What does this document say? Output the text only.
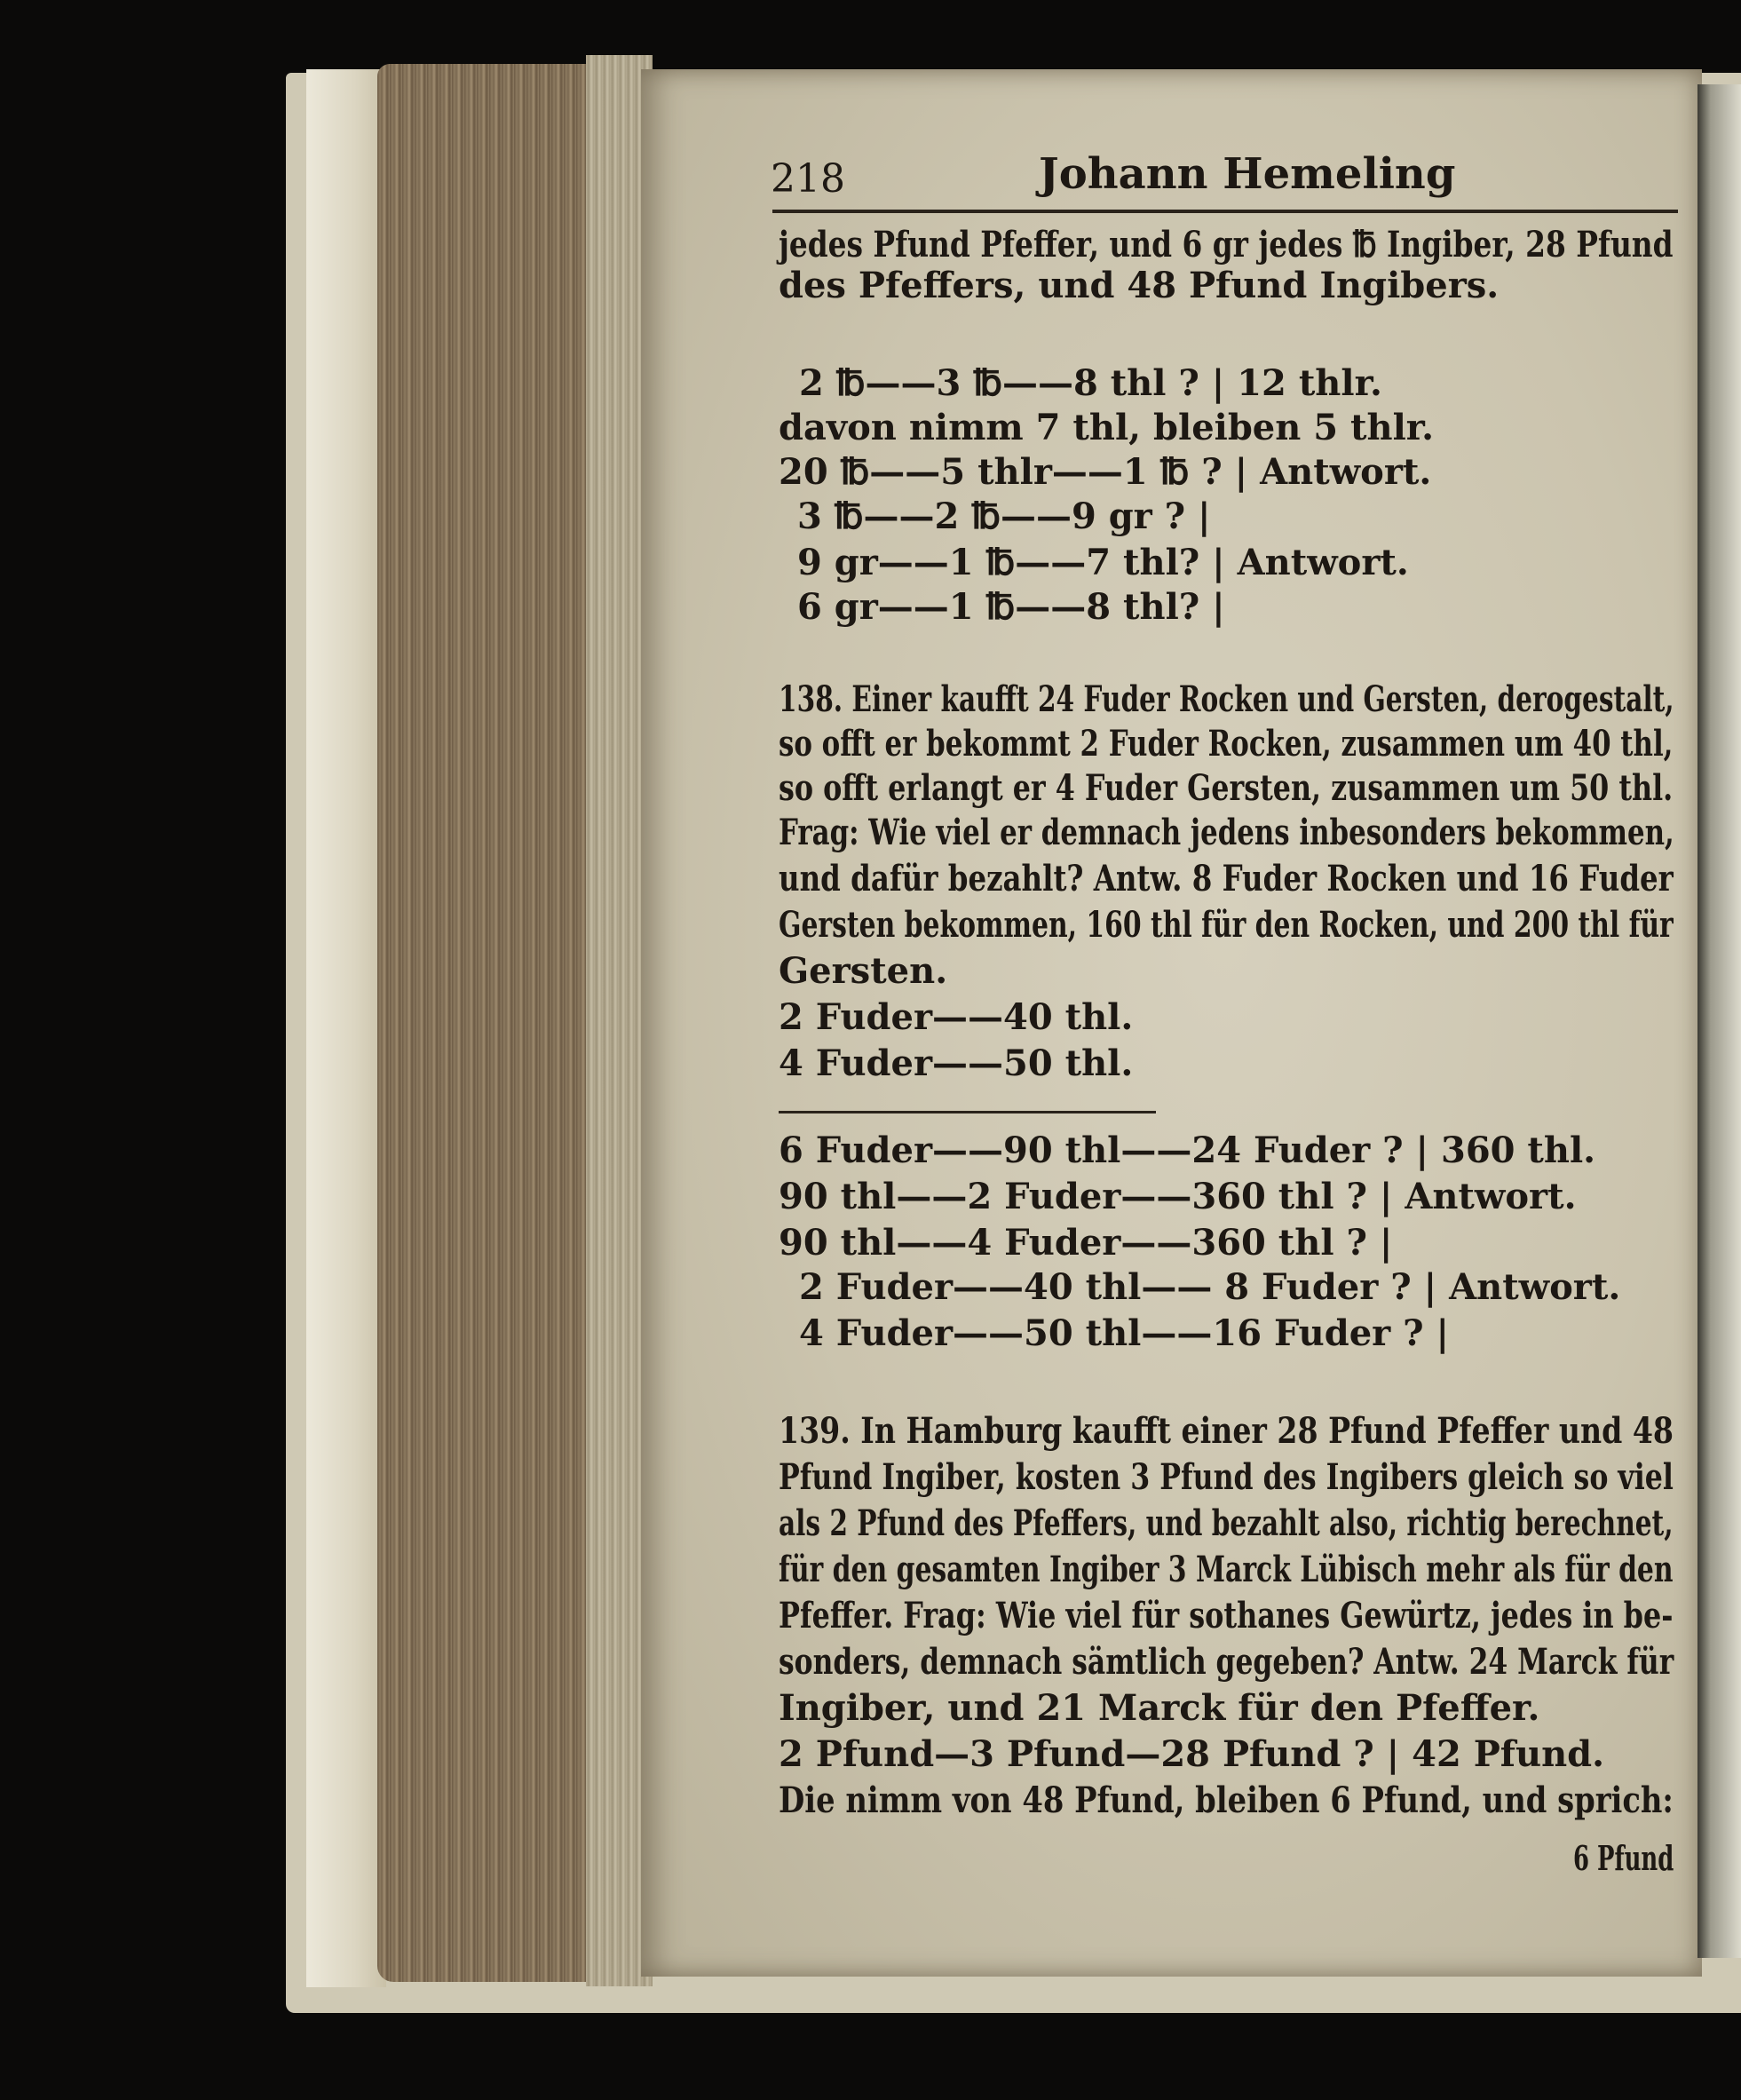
218	Johann Hemeling
jedes Pfund Pfeffer, und 6 gr jedes ℔ Ingiber, 28 Pfund
des Pfeffers, und 48 Pfund Ingibers.
2 ℔——3 ℔——8 thl ? | 12 thlr.
davon nimm 7 thl, bleiben 5 thlr.
20 ℔——5 thlr——1 ℔ ? | Antwort.
3 ℔——2 ℔——9 gr ? |
9 gr——1 ℔——7 thl? | Antwort.
6 gr——1 ℔——8 thl? |
138. Einer kaufft 24 Fuder Rocken und Gersten, derogestalt,
so offt er bekommt 2 Fuder Rocken, zusammen um 40 thl,
so offt erlangt er 4 Fuder Gersten, zusammen um 50 thl.
Frag: Wie viel er demnach jedens inbesonders bekommen,
und dafür bezahlt? Antw. 8 Fuder Rocken und 16 Fuder
Gersten bekommen, 160 thl für den Rocken, und 200 thl für
Gersten.
2 Fuder——40 thl.
4 Fuder——50 thl.
6 Fuder——90 thl——24 Fuder ? | 360 thl.
90 thl——2 Fuder——360 thl ? | Antwort.
90 thl——4 Fuder——360 thl ? |
2 Fuder——40 thl—— 8 Fuder ? | Antwort.
4 Fuder——50 thl——16 Fuder ? |
139. In Hamburg kaufft einer 28 Pfund Pfeffer und 48
Pfund Ingiber, kosten 3 Pfund des Ingibers gleich so viel
als 2 Pfund des Pfeffers, und bezahlt also, richtig berechnet,
für den gesamten Ingiber 3 Marck Lübisch mehr als für den
Pfeffer. Frag: Wie viel für sothanes Gewürtz, jedes in be-
sonders, demnach sämtlich gegeben? Antw. 24 Marck für
Ingiber, und 21 Marck für den Pfeffer.
2 Pfund—3 Pfund—28 Pfund ? | 42 Pfund.
Die nimm von 48 Pfund, bleiben 6 Pfund, und sprich:
6 Pfund
